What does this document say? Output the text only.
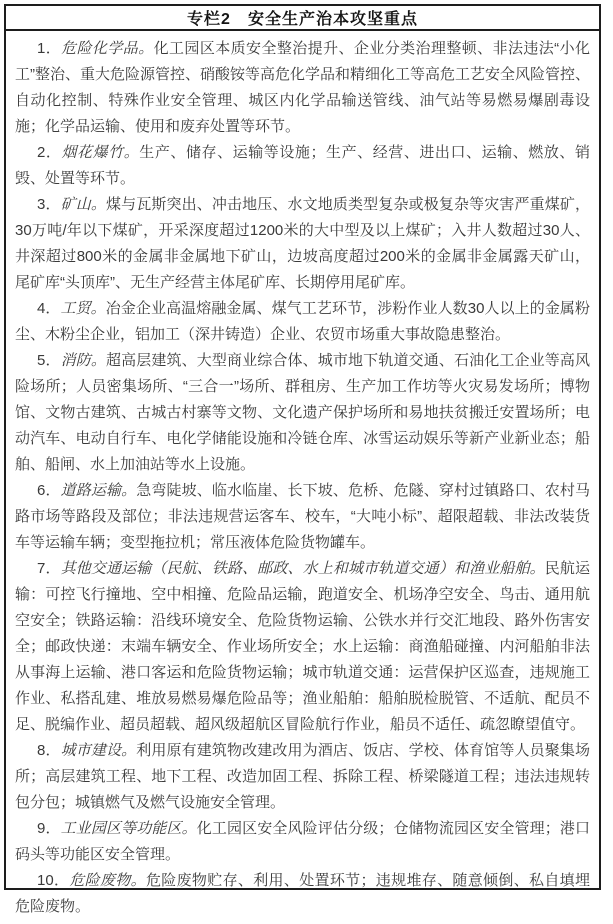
专栏2　安全生产治本攻坚重点

1．危险化学品。化工园区本质安全整治提升、企业分类治理整顿、非法违法“小化工”整治、重大危险源管控、硝酸铵等高危化学品和精细化工等高危工艺安全风险管控、自动化控制、特殊作业安全管理、城区内化学品输送管线、油气站等易燃易爆剧毒设施；化学品运输、使用和废弃处置等环节。

2．烟花爆竹。生产、储存、运输等设施；生产、经营、进出口、运输、燃放、销毁、处置等环节。

3．矿山。煤与瓦斯突出、冲击地压、水文地质类型复杂或极复杂等灾害严重煤矿，30万吨/年以下煤矿，开采深度超过1200米的大中型及以上煤矿；入井人数超过30人、井深超过800米的金属非金属地下矿山，边坡高度超过200米的金属非金属露天矿山，尾矿库“头顶库”、无生产经营主体尾矿库、长期停用尾矿库。

4．工贸。冶金企业高温熔融金属、煤气工艺环节，涉粉作业人数30人以上的金属粉尘、木粉尘企业，铝加工（深井铸造）企业、农贸市场重大事故隐患整治。

5．消防。超高层建筑、大型商业综合体、城市地下轨道交通、石油化工企业等高风险场所；人员密集场所、“三合一”场所、群租房、生产加工作坊等火灾易发场所；博物馆、文物古建筑、古城古村寨等文物、文化遗产保护场所和易地扶贫搬迁安置场所；电动汽车、电动自行车、电化学储能设施和冷链仓库、冰雪运动娱乐等新产业新业态；船舶、船闸、水上加油站等水上设施。

6．道路运输。急弯陡坡、临水临崖、长下坡、危桥、危隧、穿村过镇路口、农村马路市场等路段及部位；非法违规营运客车、校车，“大吨小标”、超限超载、非法改装货车等运输车辆；变型拖拉机；常压液体危险货物罐车。

7．其他交通运输（民航、铁路、邮政、水上和城市轨道交通）和渔业船舶。民航运输：可控飞行撞地、空中相撞、危险品运输，跑道安全、机场净空安全、鸟击、通用航空安全；铁路运输：沿线环境安全、危险货物运输、公铁水并行交汇地段、路外伤害安全；邮政快递：末端车辆安全、作业场所安全；水上运输：商渔船碰撞、内河船舶非法从事海上运输、港口客运和危险货物运输；城市轨道交通：运营保护区巡查，违规施工作业、私搭乱建、堆放易燃易爆危险品等；渔业船舶：船舶脱检脱管、不适航、配员不足、脱编作业、超员超载、超风级超航区冒险航行作业，船员不适任、疏忽瞭望值守。

8．城市建设。利用原有建筑物改建改用为酒店、饭店、学校、体育馆等人员聚集场所；高层建筑工程、地下工程、改造加固工程、拆除工程、桥梁隧道工程；违法违规转包分包；城镇燃气及燃气设施安全管理。

9．工业园区等功能区。化工园区安全风险评估分级；仓储物流园区安全管理；港口码头等功能区安全管理。

10．危险废物。危险废物贮存、利用、处置环节；违规堆存、随意倾倒、私自填埋危险废物。
